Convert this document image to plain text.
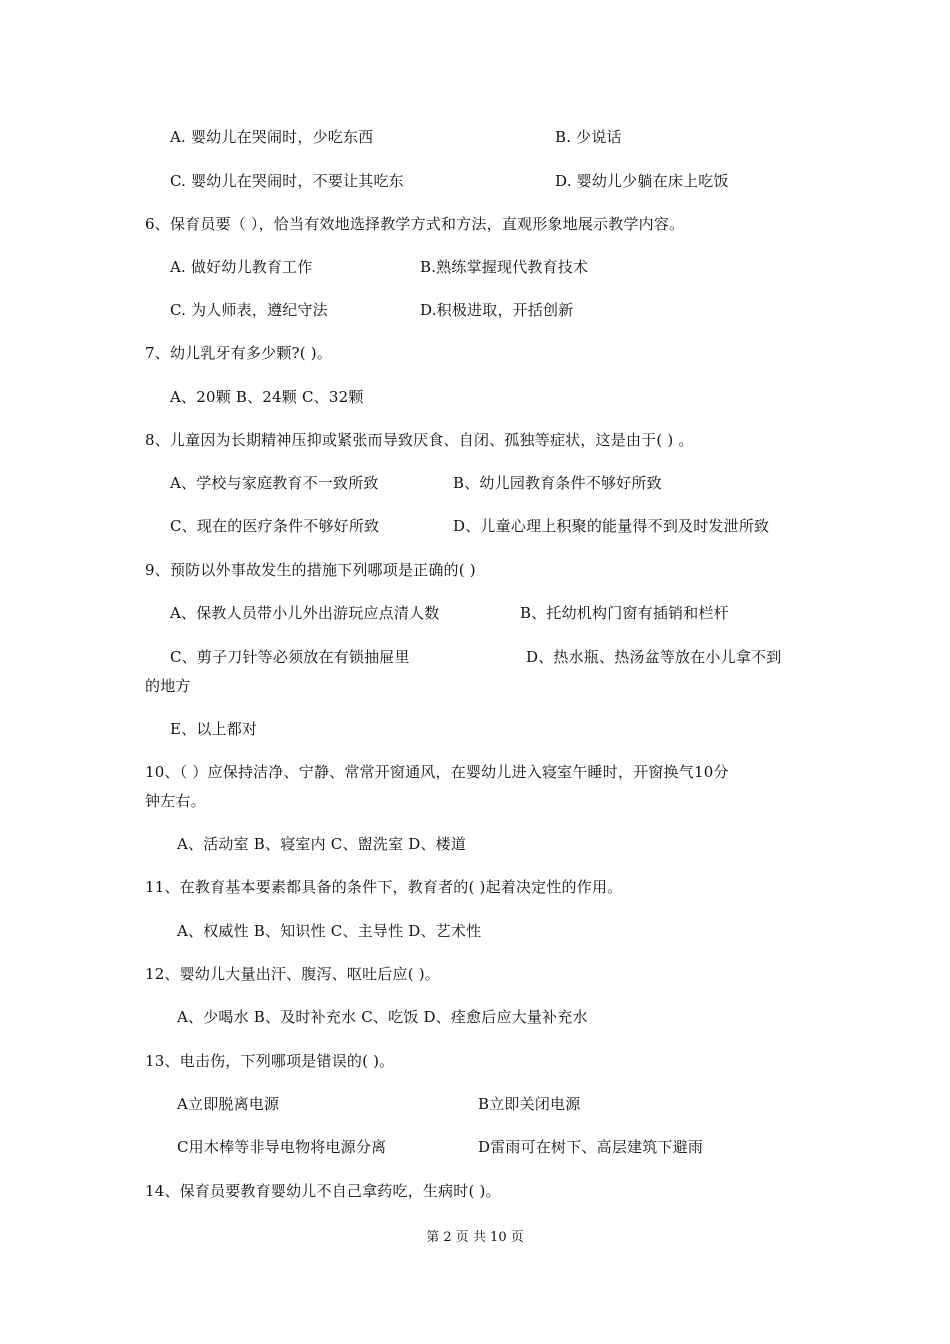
A. 婴幼儿在哭闹时，少吃东西	B. 少说话
C. 婴幼儿在哭闹时，不要让其吃东	D. 婴幼儿少躺在床上吃饭
6、保育员要（ ），恰当有效地选择教学方式和方法，直观形象地展示教学内容。
A. 做好幼儿教育工作	B.熟练掌握现代教育技术
C. 为人师表，遵纪守法	D.积极进取，开括创新
7、幼儿乳牙有多少颗?( )。
A、20颗 B、24颗 C、32颗
8、儿童因为长期精神压抑或紧张而导致厌食、自闭、孤独等症状，这是由于( ) 。
A、学校与家庭教育不一致所致	B、幼儿园教育条件不够好所致
C、现在的医疗条件不够好所致	D、儿童心理上积聚的能量得不到及时发泄所致
9、预防以外事故发生的措施下列哪项是正确的( )
A、保教人员带小儿外出游玩应点清人数	B、托幼机构门窗有插销和栏杆
C、剪子刀针等必须放在有锁抽屉里	D、热水瓶、热汤盆等放在小儿拿不到
的地方
E、以上都对
10、（ ）应保持洁净、宁静、常常开窗通风，在婴幼儿进入寝室午睡时，开窗换气10分
钟左右。
A、活动室 B、寝室内 C、盥洗室 D、楼道
11、在教育基本要素都具备的条件下，教育者的( )起着决定性的作用。
A、权威性 B、知识性 C、主导性 D、艺术性
12、婴幼儿大量出汗、腹泻、呕吐后应( )。
A、少喝水 B、及时补充水 C、吃饭 D、痊愈后应大量补充水
13、电击伤，下列哪项是错误的( )。
A立即脱离电源	B立即关闭电源
C用木棒等非导电物将电源分离	D雷雨可在树下、高层建筑下避雨
14、保育员要教育婴幼儿不自己拿药吃，生病时( )。
第 2 页 共 10 页
